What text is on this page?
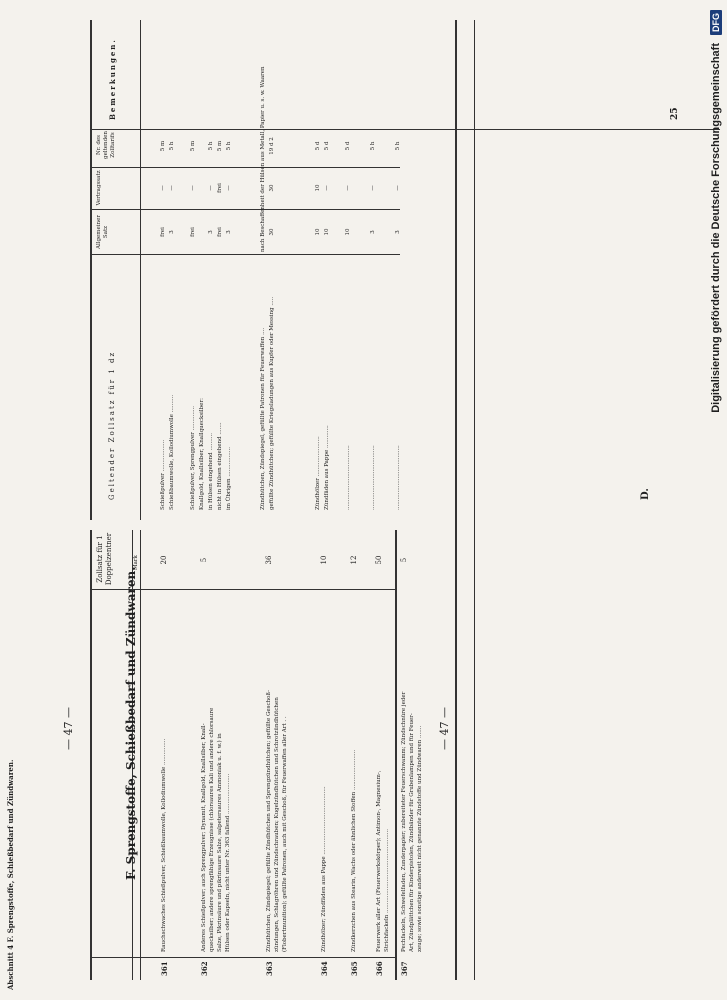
Abschnitt 4 F. Sprengstoffe, Schießbedarf und Zündwaren.
— 47 —
Zollsatz für 1 Doppelzentner	Mark
F. Sprengstoffe, Schießbedarf und Zündwaren.
361
Rauchschwaches Schießpulver, Schießbaumwolle, Kollodiumwolle ...............
20
362
Anderes Schießpulver; auch Sprengpulver; Dynamit, Knallgold, Knallsilber, Knall-
quecksilber; andere sprengfähige Erzeugnisse (chlorsaures Kali und andere chlorsaure
Salze, Pikrinsäure und pikrinsaure Salze, salpetersaures Ammoniak u. f. w.) in
Hülsen oder Kapseln, nicht unter Nr. 363 fallend .......................
5
363
Zündhütchen, Zündspiegel; gefüllte Zündhütchen und Sprengzündhütchen; gefüllte Geschoß-
zündungen, Schlagröhren und Zündschrauben; Kugelzündhütchen und Schrotzündhütchen
(Flobertmunition); gefüllte Patronen, auch mit Geschoß, für Feuerwaffen aller Art . .
36
364
Zündhölzer; Zündfäden aus Pappe .......................................
10
365
Zündkerzchen aus Stearin, Wachs oder ähnlichen Stoffen .......................
12
366
Feuerwerk aller Art (Feuerwerkskörper); Antimon-, Magnesium-,
Strichfackeln ................................................
50
367
Pechfackeln, Schwefelfaden, Zunderpapier; zubereiteter Feuerschwamm; Zündschnüre jeder
Art, Zündplättchen für Kinderpistolen, Zündbänder für Grubenlampen und für Feuer-
zeuge; sowie sonstige anderweit nicht genannte Zündstoffe und Zündwaren .......
5
— 47 —
Geltender Zollsatz für 1 dz
Bemerkungen.
D.
25
Allgemeiner Satz
Vertragssatz
Nr. des geltenden Zolltarifs
Schießpulver ..................
frei
—
5 m
Schießbaumwolle, Kollodiumwolle ..........
3
—
5 h
Schießpulver, Sprengpulver ..............
frei
—
5 m
Knallgold, Knallsilber, Knallquecksilber: in Hülsen eingehend ..........
3
—
5 h
nicht in Hülsen eingehend .......
frei
frei
5 m
im Übrigen .................
3
—
5 h
Zündhütchen, Zündspiegel, gefüllte Patronen für Feuerwaffen ....
nach Beschaffenheit der Hülsen aus Metall, Papier u. s. w. Waaren
gefüllte Zündhütchen; gefüllte Kriegsladungen aus Kupfer oder Messing .....
30
30
19 d 2
Zündhölzer .......................
10
10
5 d
Zündfäden aus Pappe .............
10
—
5 d
.....................................
10
—
5 d
.....................................
3
—
5 h
.....................................
3
—
5 h	Digitalisierung gefördert durch die Deutsche Forschungsgemeinschaft
DFG
